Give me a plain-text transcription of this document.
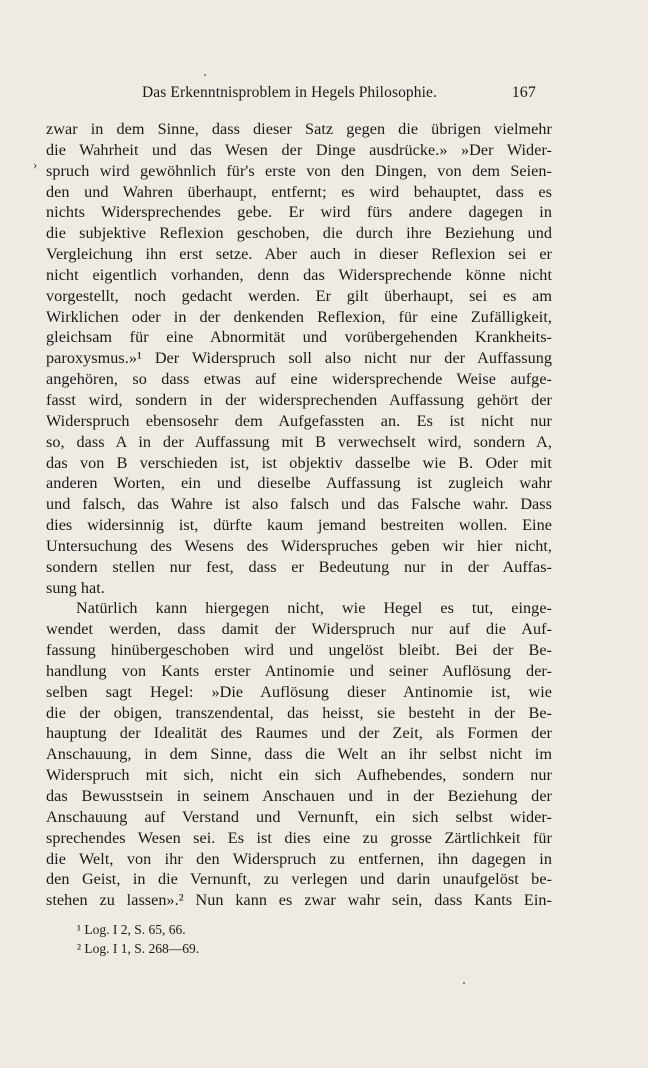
Das Erkenntnisproblem in Hegels Philosophie.	167
›
zwar in dem Sinne, dass dieser Satz gegen die übrigen vielmehr
die Wahrheit und das Wesen der Dinge ausdrücke.» »Der Wider-
spruch wird gewöhnlich für's erste von den Dingen, von dem Seien-
den und Wahren überhaupt, entfernt; es wird behauptet, dass es
nichts Widersprechendes gebe. Er wird fürs andere dagegen in
die subjektive Reflexion geschoben, die durch ihre Beziehung und
Vergleichung ihn erst setze. Aber auch in dieser Reflexion sei er
nicht eigentlich vorhanden, denn das Widersprechende könne nicht
vorgestellt, noch gedacht werden. Er gilt überhaupt, sei es am
Wirklichen oder in der denkenden Reflexion, für eine Zufälligkeit,
gleichsam für eine Abnormität und vorübergehenden Krankheits-
paroxysmus.»¹ Der Widerspruch soll also nicht nur der Auffassung
angehören, so dass etwas auf eine widersprechende Weise aufge-
fasst wird, sondern in der widersprechenden Auffassung gehört der
Widerspruch ebensosehr dem Aufgefassten an. Es ist nicht nur
so, dass A in der Auffassung mit B verwechselt wird, sondern A,
das von B verschieden ist, ist objektiv dasselbe wie B. Oder mit
anderen Worten, ein und dieselbe Auffassung ist zugleich wahr
und falsch, das Wahre ist also falsch und das Falsche wahr. Dass
dies widersinnig ist, dürfte kaum jemand bestreiten wollen. Eine
Untersuchung des Wesens des Widerspruches geben wir hier nicht,
sondern stellen nur fest, dass er Bedeutung nur in der Auffas-
sung hat.
Natürlich kann hiergegen nicht, wie Hegel es tut, einge-
wendet werden, dass damit der Widerspruch nur auf die Auf-
fassung hinübergeschoben wird und ungelöst bleibt. Bei der Be-
handlung von Kants erster Antinomie und seiner Auflösung der-
selben sagt Hegel: »Die Auflösung dieser Antinomie ist, wie
die der obigen, transzendental, das heisst, sie besteht in der Be-
hauptung der Idealität des Raumes und der Zeit, als Formen der
Anschauung, in dem Sinne, dass die Welt an ihr selbst nicht im
Widerspruch mit sich, nicht ein sich Aufhebendes, sondern nur
das Bewusstsein in seinem Anschauen und in der Beziehung der
Anschauung auf Verstand und Vernunft, ein sich selbst wider-
sprechendes Wesen sei. Es ist dies eine zu grosse Zärtlichkeit für
die Welt, von ihr den Widerspruch zu entfernen, ihn dagegen in
den Geist, in die Vernunft, zu verlegen und darin unaufgelöst be-
stehen zu lassen».² Nun kann es zwar wahr sein, dass Kants Ein-
¹ Log. I 2, S. 65, 66.
² Log. I 1, S. 268—69.
